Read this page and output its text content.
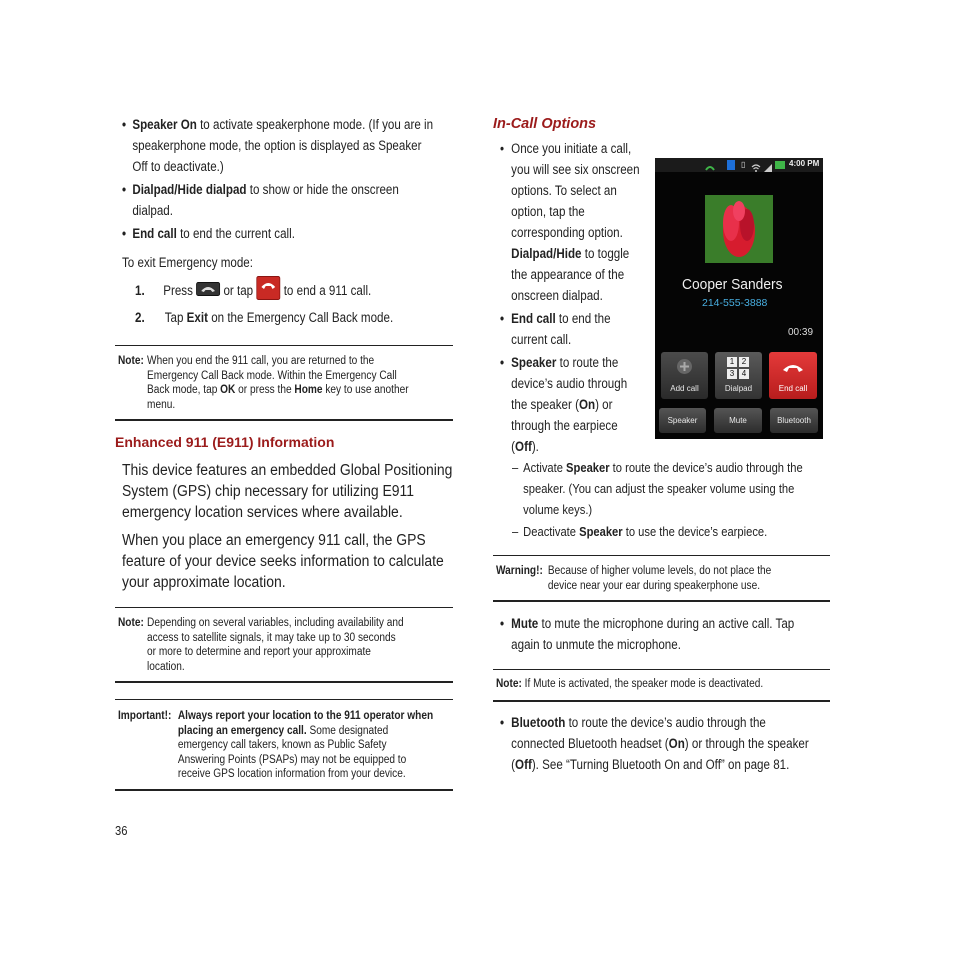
• Speaker On to activate speakerphone mode. (If you are in
speakerphone mode, the option is displayed as Speaker
Off to deactivate.)
• Dialpad/Hide dialpad to show or hide the onscreen
dialpad.
• End call to end the current call.
To exit Emergency mode:
1. Press or tap
End call
to end a 911 call.
2. Tap Exit on the Emergency Call Back mode.
Note: When you end the 911 call, you are returned to the
Emergency Call Back mode. Within the Emergency Call
Back mode, tap OK or press the Home key to use another
menu.
Enhanced 911 (E911) Information
This device features an embedded Global Positioning
System (GPS) chip necessary for utilizing E911
emergency location services where available.
When you place an emergency 911 call, the GPS
feature of your device seeks information to calculate
your approximate location.
Note: Depending on several variables, including availability and
access to satellite signals, it may take up to 30 seconds
or more to determine and report your approximate
location.
Important!: Always report your location to the 911 operator when
placing an emergency call. Some designated
emergency call takers, known as Public Safety
Answering Points (PSAPs) may not be equipped to
receive GPS location information from your device.
36
In-Call Options
• Once you initiate a call,
you will see six onscreen
options. To select an
option, tap the
corresponding option.
Dialpad/Hide to toggle
the appearance of the
onscreen dialpad.
• End call to end the
current call.
• Speaker to route the
device’s audio through
the speaker (On) or
through the earpiece
(Off).
– Activate Speaker to route the device’s audio through the
speaker. (You can adjust the speaker volume using the
volume keys.)
– Deactivate Speaker to use the device’s earpiece.
Warning!: Because of higher volume levels, do not place the
device near your ear during speakerphone use.
• Mute to mute the microphone during an active call. Tap
again to unmute the microphone.
Note: If Mute is activated, the speaker mode is deactivated.
• Bluetooth to route the device’s audio through the
connected Bluetooth headset (On) or through the speaker
(Off). See “Turning Bluetooth On and Off” on page 81.
▯	4:00 PM
Cooper Sanders
214-555-3888
00:39
Add call
1 2
3 4
Dialpad	End call
Speaker	Mute	Bluetooth
